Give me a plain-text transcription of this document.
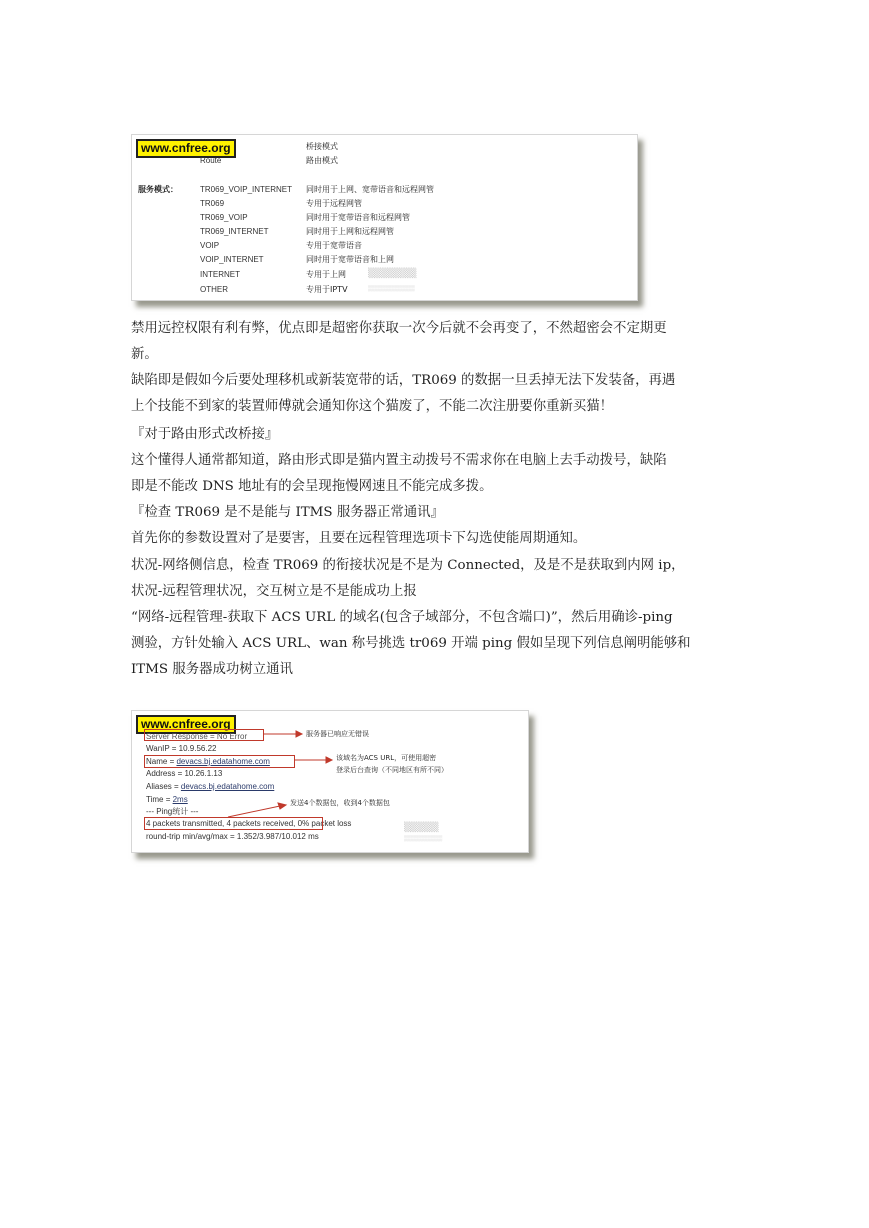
www.cnfree.org
Route
桥接模式
路由模式
服务模式：	TR069_VOIP_INTERNET
TR069
TR069_VOIP
TR069_INTERNET
VOIP
VOIP_INTERNET
INTERNET
OTHER
同时用于上网、宽带语音和远程网管
专用于远程网管
同时用于宽带语音和远程网管
同时用于上网和远程网管
专用于宽带语音
同时用于宽带语音和上网
专用于上网
专用于IPTV
▒▒▒▒▒▒▒
▒▒▒▒▒▒▒▒▒▒▒
禁用远控权限有利有弊，优点即是超密你获取一次今后就不会再变了，不然超密会不定期更
新。
缺陷即是假如今后要处理移机或新装宽带的话，TR069 的数据一旦丢掉无法下发装备，再遇
上个技能不到家的装置师傅就会通知你这个猫废了，不能二次注册要你重新买猫！
『对于路由形式改桥接』
这个懂得人通常都知道，路由形式即是猫内置主动拨号不需求你在电脑上去手动拨号，缺陷
即是不能改 DNS 地址有的会呈现拖慢网速且不能完成多拨。
『检查 TR069 是不是能与 ITMS 服务器正常通讯』
首先你的参数设置对了是要害，且要在远程管理选项卡下勾选使能周期通知。
状况-网络侧信息，检查 TR069 的衔接状况是不是为 Connected，及是不是获取到内网 ip，
状况-远程管理状况，交互树立是不是能成功上报
“网络-远程管理-获取下 ACS URL 的域名(包含子域部分，不包含端口)”，然后用确诊-ping
测验，方针处输入 ACS URL、wan 称号挑选 tr069 开端 ping 假如呈现下列信息阐明能够和
ITMS 服务器成功树立通讯
www.cnfree.org
Server Response = No Error
WanIP = 10.9.56.22
Name = devacs.bj.edatahome.com
Address = 10.26.1.13
Aliases = devacs.bj.edatahome.com
Time = 2ms
--- Ping统计 ---
4 packets transmitted, 4 packets received, 0% packet loss
round-trip min/avg/max = 1.352/3.987/10.012 ms
服务器已响应无错误
该域名为ACS URL，可使用超密
登录后台查询（不同地区有所不同）
发送4个数据包，收到4个数据包
▒▒▒▒▒
▒▒▒▒▒▒▒▒▒
